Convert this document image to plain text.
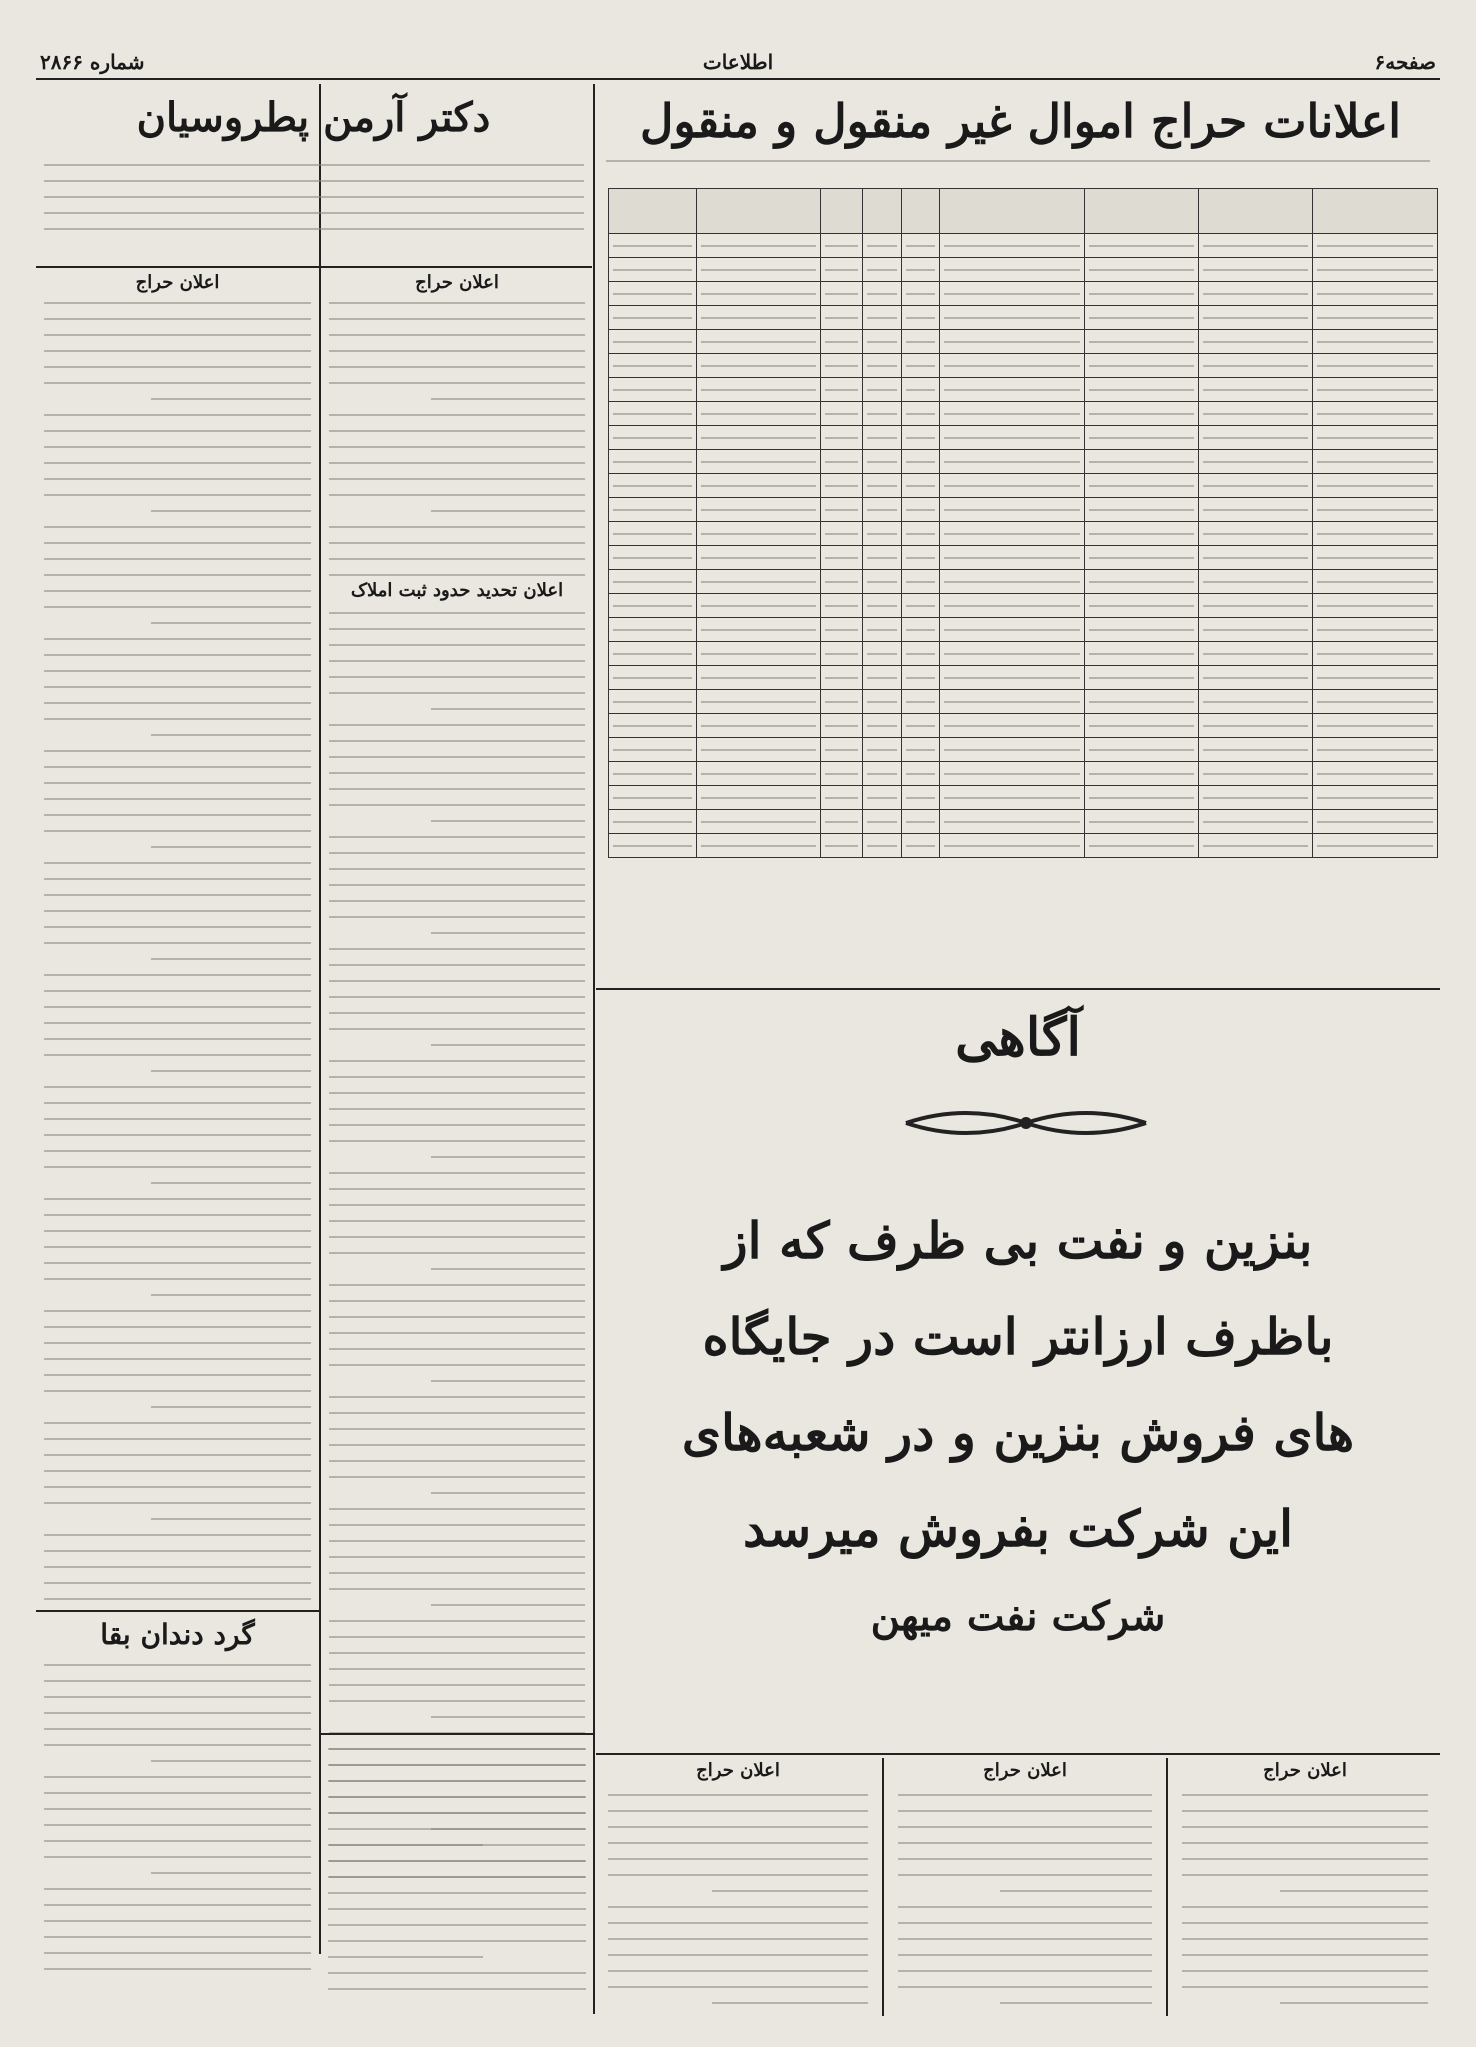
صفحه۶
اطلاعات
شماره ۲۸۶۶
اعلانات حراج اموال غیر منقول و منقول

آگاهی
بنزین و نفت بی ظرف که از
باظرف ارزانتر است در جایگاه
های فروش بنزین و در شعبه‌های
این شرکت بفروش میرسد
شرکت نفت میهن
اعلان حراج
اعلان حراج
اعلان حراج
دکتر آرمن پطروسیان
اعلان حراج
اعلان تحدید حدود ثبت املاک
اعلان حراج
گرد دندان بقا
